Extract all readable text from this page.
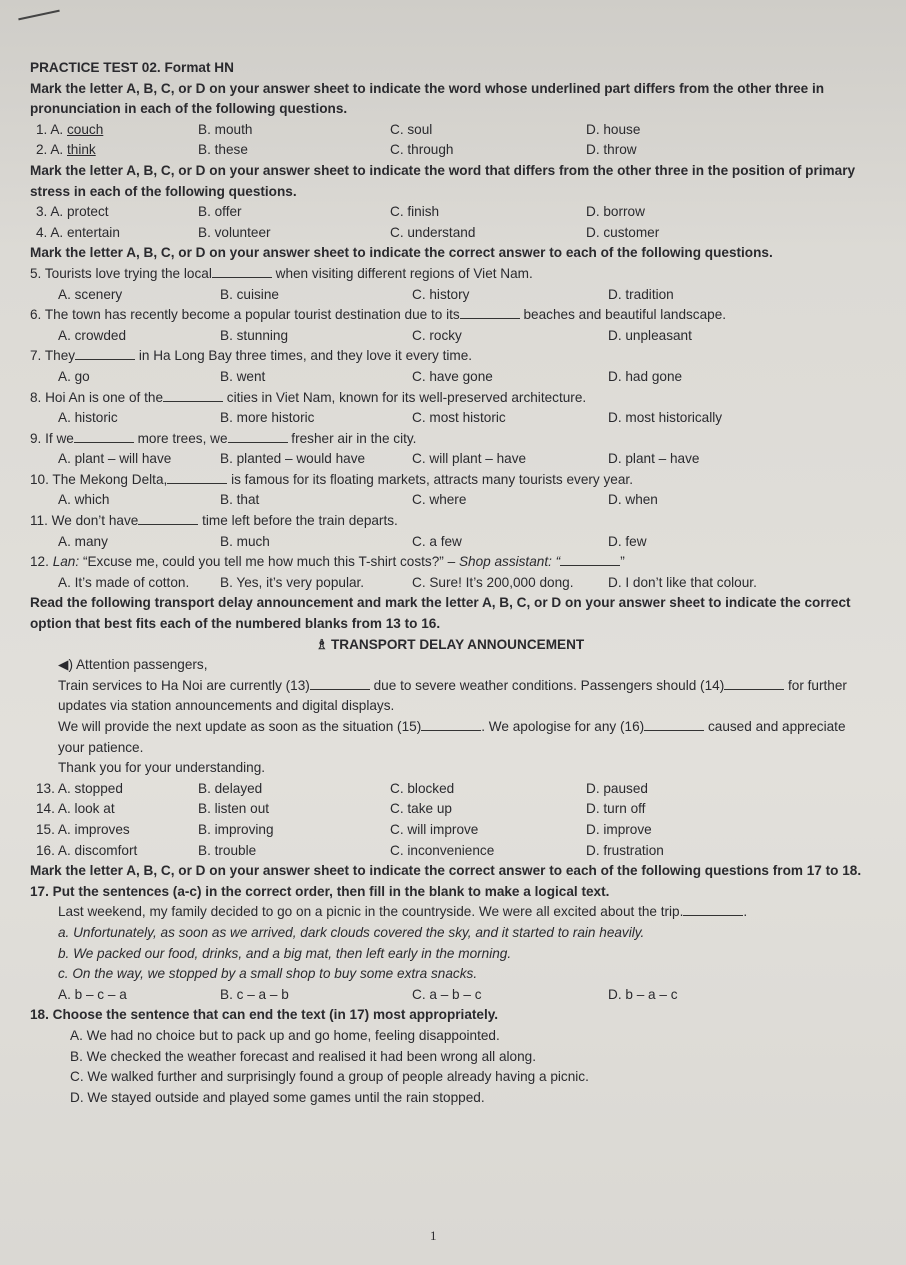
PRACTICE TEST 02. Format HN
Mark the letter A, B, C, or D on your answer sheet to indicate the word whose underlined part differs from the other three in pronunciation in each of the following questions.
1. A. couch	B. mouth	C. soul	D. house
2. A. think	B. these	C. through	D. throw
Mark the letter A, B, C, or D on your answer sheet to indicate the word that differs from the other three in the position of primary stress in each of the following questions.
3. A. protect	B. offer	C. finish	D. borrow
4. A. entertain	B. volunteer	C. understand	D. customer
Mark the letter A, B, C, or D on your answer sheet to indicate the correct answer to each of the following questions.
5. Tourists love trying the local	when visiting different regions of Viet Nam.
A. scenery	B. cuisine	C. history	D. tradition
6. The town has recently become a popular tourist destination due to its	beaches and beautiful landscape.
A. crowded	B. stunning	C. rocky	D. unpleasant
7. They	in Ha Long Bay three times, and they love it every time.
A. go	B. went	C. have gone	D. had gone
8. Hoi An is one of the	cities in Viet Nam, known for its well-preserved architecture.
A. historic	B. more historic	C. most historic	D. most historically
9. If we	more trees, we	fresher air in the city.
A. plant – will have	B. planted – would have	C. will plant – have	D. plant – have
10. The Mekong Delta,	is famous for its floating markets, attracts many tourists every year.
A. which	B. that	C. where	D. when
11. We don’t have	time left before the train departs.
A. many	B. much	C. a few	D. few
12. Lan: “Excuse me, could you tell me how much this T-shirt costs?” – Shop assistant: “	”
A. It’s made of cotton.	B. Yes, it’s very popular.	C. Sure! It’s 200,000 dong.	D. I don’t like that colour.
Read the following transport delay announcement and mark the letter A, B, C, or D on your answer sheet to indicate the correct option that best fits each of the numbered blanks from 13 to 16.
♗ TRANSPORT DELAY ANNOUNCEMENT
◀) Attention passengers,
Train services to Ha Noi are currently (13)	due to severe weather conditions. Passengers should (14)	for further updates via station announcements and digital displays.
We will provide the next update as soon as the situation (15)	. We apologise for any (16)	caused and appreciate your patience.
Thank you for your understanding.
13. A. stopped	B. delayed	C. blocked	D. paused
14. A. look at	B. listen out	C. take up	D. turn off
15. A. improves	B. improving	C. will improve	D. improve
16. A. discomfort	B. trouble	C. inconvenience	D. frustration
Mark the letter A, B, C, or D on your answer sheet to indicate the correct answer to each of the following questions from 17 to 18.
17. Put the sentences (a-c) in the correct order, then fill in the blank to make a logical text.
Last weekend, my family decided to go on a picnic in the countryside. We were all excited about the trip.	.
a. Unfortunately, as soon as we arrived, dark clouds covered the sky, and it started to rain heavily.
b. We packed our food, drinks, and a big mat, then left early in the morning.
c. On the way, we stopped by a small shop to buy some extra snacks.
A. b – c – a	B. c – a – b	C. a – b – c	D. b – a – c
18. Choose the sentence that can end the text (in 17) most appropriately.
A. We had no choice but to pack up and go home, feeling disappointed.
B. We checked the weather forecast and realised it had been wrong all along.
C. We walked further and surprisingly found a group of people already having a picnic.
D. We stayed outside and played some games until the rain stopped.
1
